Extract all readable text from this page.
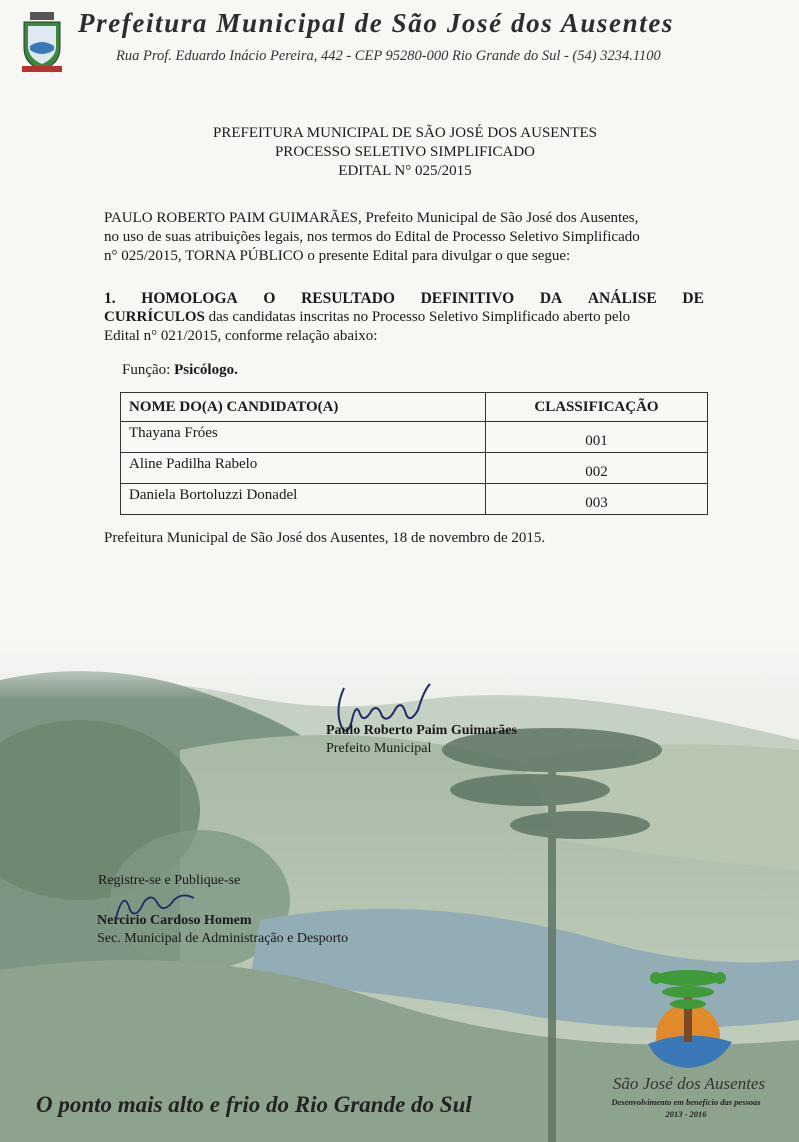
Prefeitura Municipal de São José dos Ausentes
Rua Prof. Eduardo Inácio Pereira, 442 - CEP 95280-000 Rio Grande do Sul - (54) 3234.1100
PREFEITURA MUNICIPAL DE SÃO JOSÉ DOS AUSENTES
PROCESSO SELETIVO SIMPLIFICADO
EDITAL N° 025/2015
PAULO ROBERTO PAIM GUIMARÃES, Prefeito Municipal de São José dos Ausentes,
no uso de suas atribuições legais, nos termos do Edital de Processo Seletivo Simplificado
n° 025/2015, TORNA PÚBLICO o presente Edital para divulgar o que segue:
1. HOMOLOGA O RESULTADO DEFINITIVO DA ANÁLISE DE
CURRÍCULOS das candidatas inscritas no Processo Seletivo Simplificado aberto pelo
Edital n° 021/2015, conforme relação abaixo:
Função: Psicólogo.
NOME DO(A) CANDIDATO(A)	CLASSIFICAÇÃO
Thayana Fróes	001
Aline Padilha Rabelo	002
Daniela Bortoluzzi Donadel	003
Prefeitura Municipal de São José dos Ausentes, 18 de novembro de 2015.
Paulo Roberto Paim Guimarães
Prefeito Municipal
Registre-se e Publique-se
Nercirio Cardoso Homem
Sec. Municipal de Administração e Desporto
O ponto mais alto e frio do Rio Grande do Sul
São José dos Ausentes
Desenvolvimento em benefício das pessoas
2013 - 2016
